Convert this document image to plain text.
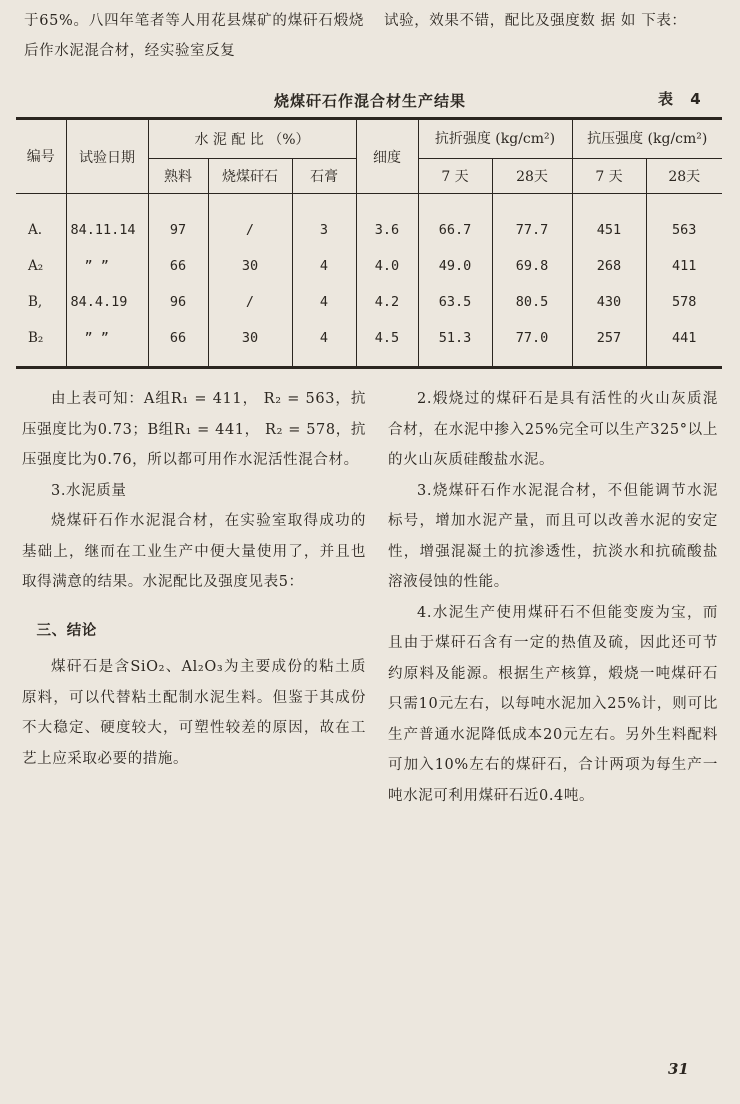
于65%。八四年笔者等人用花县煤矿的煤矸石煅烧后作水泥混合材，经实验室反复

试验，效果不错，配比及强度数 据 如 下表：

烧煤矸石作混合材生产结果	表 4
编号	试验日期	水 泥 配 比 （%）			细度	抗折强度 (kg/cm²)		抗压强度 (kg/cm²)	
		熟料	烧煤矸石	石膏		7 天	28天	7 天	28天
A.	84.11.14	97	/	3	3.6	66.7	77.7	451	563
A₂	” ”	66	30	4	4.0	49.0	69.8	268	411
B,	84.4.19	96	/	4	4.2	63.5	80.5	430	578
B₂	” ”	66	30	4	4.5	51.3	77.0	257	441

由上表可知：A组R₁ = 411， R₂ = 563，抗压强度比为0.73；B组R₁ = 441， R₂ = 578，抗压强度比为0.76，所以都可用作水泥活性混合材。

3.水泥质量

烧煤矸石作水泥混合材，在实验室取得成功的基础上，继而在工业生产中便大量使用了，并且也取得满意的结果。水泥配比及强度见表5：

三、结论

煤矸石是含SiO₂、Al₂O₃为主要成份的粘土质原料，可以代替粘土配制水泥生料。但鉴于其成份不大稳定、硬度较大，可塑性较差的原因，故在工艺上应采取必要的措施。

2.煅烧过的煤矸石是具有活性的火山灰质混合材，在水泥中掺入25%完全可以生产325°以上的火山灰质硅酸盐水泥。

3.烧煤矸石作水泥混合材，不但能调节水泥标号，增加水泥产量，而且可以改善水泥的安定性，增强混凝土的抗渗透性，抗淡水和抗硫酸盐溶液侵蚀的性能。

4.水泥生产使用煤矸石不但能变废为宝，而且由于煤矸石含有一定的热值及硫，因此还可节约原料及能源。根据生产核算，煅烧一吨煤矸石只需10元左右，以每吨水泥加入25%计，则可比生产普通水泥降低成本20元左右。另外生料配料可加入10%左右的煤矸石，合计两项为每生产一吨水泥可利用煤矸石近0.4吨。

31
